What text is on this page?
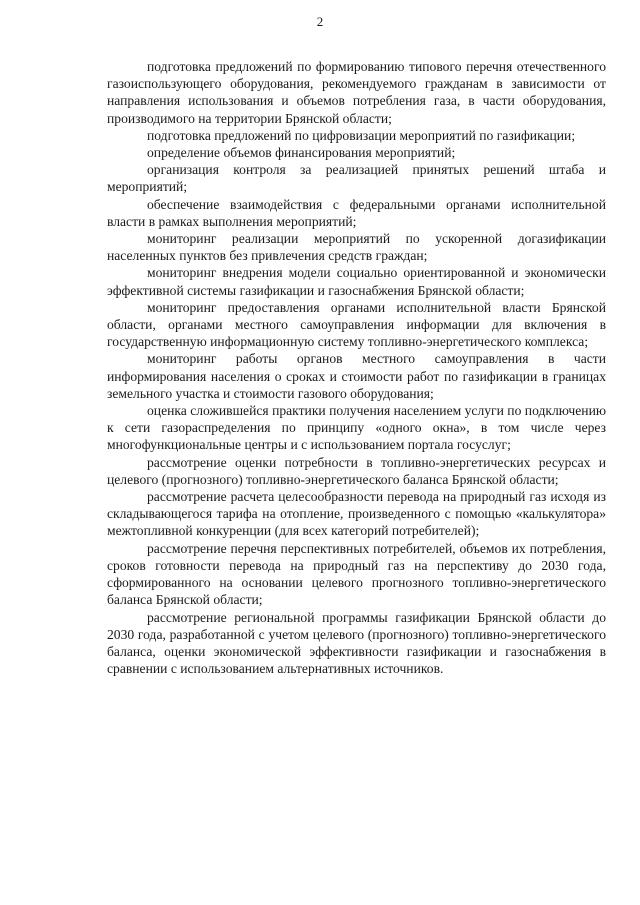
2

подготовка предложений по формированию типового перечня отечественного газоиспользующего оборудования, рекомендуемого гражданам в зависимости от направления использования и объемов потребления газа, в части оборудования, производимого на территории Брянской области;

подготовка предложений по цифровизации мероприятий по газификации;

определение объемов финансирования мероприятий;

организация контроля за реализацией принятых решений штаба и мероприятий;

обеспечение взаимодействия с федеральными органами исполнительной власти в рамках выполнения мероприятий;

мониторинг реализации мероприятий по ускоренной догазификации населенных пунктов без привлечения средств граждан;

мониторинг внедрения модели социально ориентированной и экономически эффективной системы газификации и газоснабжения Брянской области;

мониторинг предоставления органами исполнительной власти Брянской области, органами местного самоуправления информации для включения в государственную информационную систему топливно-энергетического комплекса;

мониторинг работы органов местного самоуправления в части информирования населения о сроках и стоимости работ по газификации в границах земельного участка и стоимости газового оборудования;

оценка сложившейся практики получения населением услуги по подключению к сети газораспределения по принципу «одного окна», в том числе через многофункциональные центры и с использованием портала госуслуг;

рассмотрение оценки потребности в топливно-энергетических ресурсах и целевого (прогнозного) топливно-энергетического баланса Брянской области;

рассмотрение расчета целесообразности перевода на природный газ исходя из складывающегося тарифа на отопление, произведенного с помощью «калькулятора» межтопливной конкуренции (для всех категорий потребителей);

рассмотрение перечня перспективных потребителей, объемов их потребления, сроков готовности перевода на природный газ на перспективу до 2030 года, сформированного на основании целевого прогнозного топливно-энергетического баланса Брянской области;

рассмотрение региональной программы газификации Брянской области до 2030 года, разработанной с учетом целевого (прогнозного) топливно-энергетического баланса, оценки экономической эффективности газификации и газоснабжения в сравнении с использованием альтернативных источников.
